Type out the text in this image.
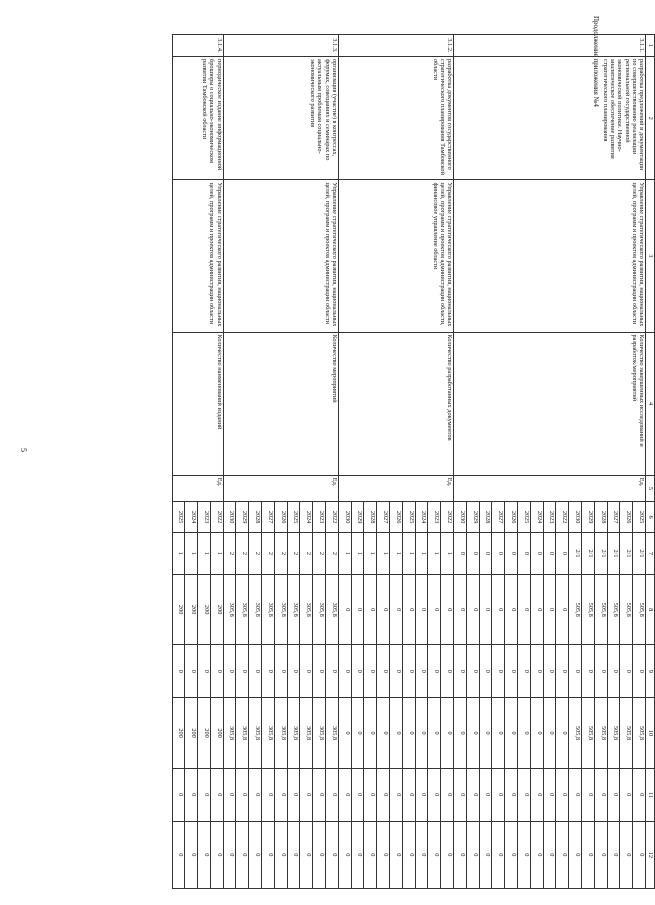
5
Продолжение приложения №4	1	2	3	4	5	6	7	8	9	10	11	12
3.1.1.	разработка предложений и документации по совершенствованию реализации региональной государственной экономической политики. Научно-аналитическое обеспечение развития стратегического планирования	Управление стратегического развития, национальных целей, программ и проектов администрации области	Количество завершенных исследований и разработок/мероприятий	Ед.	2025	2/1	505,8	0	505,8	0	0
					2026	2/1	505,8	0	505,8	0	0
					2027	2/1	505,8	0	505,8	0	0
					2028	2/1	505,8	0	505,8	0	0
					2029	2/1	505,8	0	505,8	0	0
					2030	2/1	505,8	0	505,8	0	0
					2022	0	0	0	0	0	0
					2023	0	0	0	0	0	0
					2024	0	0	0	0	0	0
					2025	0	0	0	0	0	0
					2026	0	0	0	0	0	0
					2027	0	0	0	0	0	0
					2028	0	0	0	0	0	0
					2029	0	0	0	0	0	0
					2030	0	0	0	0	0	0
3.1.2.	разработка документов государственного стратегического планирования Тамбовской области	Управление стратегического развития, национальных целей, программ и проектов администрации области, финансовое управление области	Количество разработанных документов	Ед.	2022	1	0	0	0	0	0
					2023	1	0	0	0	0	0
					2024	1	0	0	0	0	0
					2025	1	0	0	0	0	0
					2026	1	0	0	0	0	0
					2027	1	0	0	0	0	0
					2028	1	0	0	0	0	0
					2029	1	0	0	0	0	0
					2030	1	0	0	0	0	0
3.1.3.	организация (участие) в конгрессах, форумах, совещаниях и семинарах по актуальным проблемам социально-экономического развития	Управление стратегического развития, национальных целей, программ и проектов администрации области	Количество мероприятий	Ед.	2022	2	305,8	0	305,8	0	0
					2023	2	305,8	0	305,8	0	0
					2024	2	305,8	0	305,8	0	0
					2025	2	305,8	0	305,8	0	0
					2026	2	305,8	0	305,8	0	0
					2027	2	305,8	0	305,8	0	0
					2028	2	305,8	0	305,8	0	0
					2029	2	305,8	0	305,8	0	0
					2030	2	305,8	0	305,8	0	0
3.1.4.	периодическое издание информационной брошюры о социально-экономическом развитии Тамбовской области	Управление стратегического развития, национальных целей, программ и проектов администрации области	Количество наименований изданий	Ед.	2022	1	200	0	200	0	0
					2023	1	200	0	200	0	0
					2024	1	200	0	200	0	0
					2025	1	200	0	200	0	0
